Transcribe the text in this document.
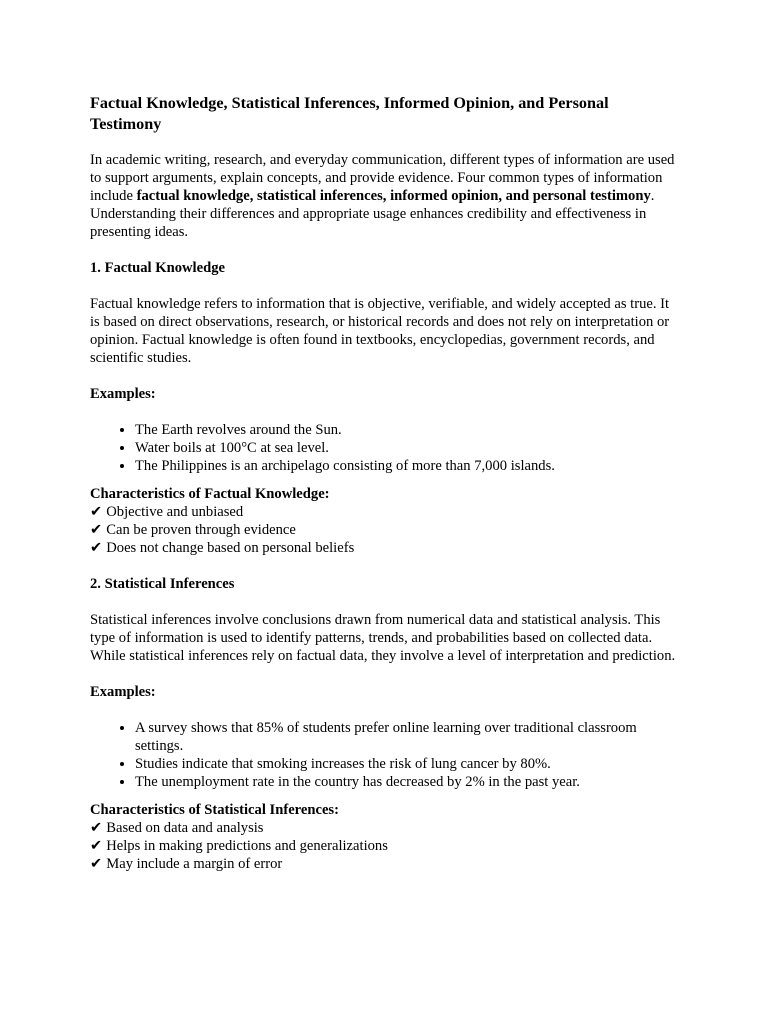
Factual Knowledge, Statistical Inferences, Informed Opinion, and Personal Testimony

In academic writing, research, and everyday communication, different types of information are used to support arguments, explain concepts, and provide evidence. Four common types of information include factual knowledge, statistical inferences, informed opinion, and personal testimony. Understanding their differences and appropriate usage enhances credibility and effectiveness in presenting ideas.

1. Factual Knowledge

Factual knowledge refers to information that is objective, verifiable, and widely accepted as true. It is based on direct observations, research, or historical records and does not rely on interpretation or opinion. Factual knowledge is often found in textbooks, encyclopedias, government records, and scientific studies.

Examples:
• The Earth revolves around the Sun.
• Water boils at 100°C at sea level.
• The Philippines is an archipelago consisting of more than 7,000 islands.
Characteristics of Factual Knowledge:
✔ Objective and unbiased
✔ Can be proven through evidence
✔ Does not change based on personal beliefs
2. Statistical Inferences

Statistical inferences involve conclusions drawn from numerical data and statistical analysis. This type of information is used to identify patterns, trends, and probabilities based on collected data. While statistical inferences rely on factual data, they involve a level of interpretation and prediction.

Examples:
• A survey shows that 85% of students prefer online learning over traditional classroom settings.
• Studies indicate that smoking increases the risk of lung cancer by 80%.
• The unemployment rate in the country has decreased by 2% in the past year.
Characteristics of Statistical Inferences:
✔ Based on data and analysis
✔ Helps in making predictions and generalizations
✔ May include a margin of error
